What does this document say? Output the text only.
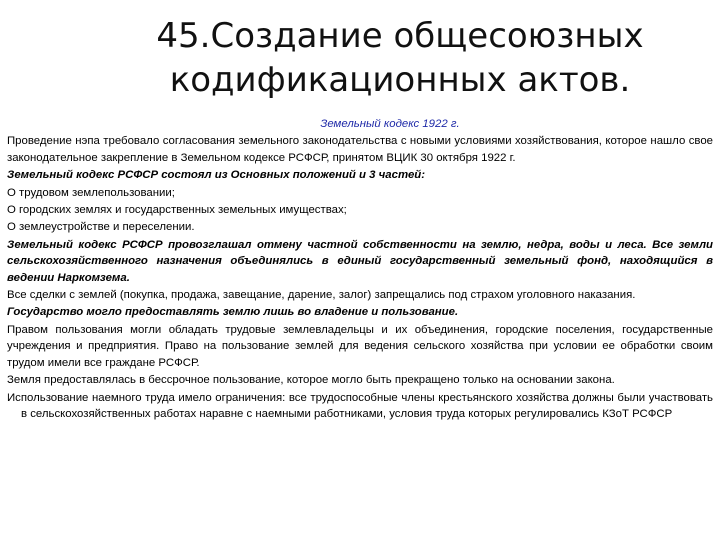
45.Создание общесоюзных
кодификационных актов.
Земельный кодекс 1922 г.

Проведение нэпа требовало согласования земельного законодательства с новыми условиями хозяйствования, которое нашло свое законодательное закрепление в Земельном кодексе РСФСР, принятом ВЦИК 30 октября 1922 г.

Земельный кодекс РСФСР состоял из Основных положений и 3 частей:

О трудовом землепользовании;

О городских землях и государственных земельных имуществах;

О землеустройстве и переселении.

Земельный кодекс РСФСР провозглашал отмену частной собственности на землю, недра, воды и леса. Все земли сельскохозяйственного назначения объединялись в единый государственный земельный фонд, находящийся в ведении Наркомзема.

Все сделки с землей (покупка, продажа, завещание, дарение, залог) запрещались под страхом уголовного наказания.

Государство могло предоставлять землю лишь во владение и пользование.

Правом пользования могли обладать трудовые землевладельцы и их объединения, городские поселения, государственные учреждения и предприятия. Право на пользование землей для ведения сельского хозяйства при условии ее обработки своим трудом имели все граждане РСФСР.

Земля предоставлялась в бессрочное пользование, которое могло быть прекращено только на основании закона.

Использование наемного труда имело ограничения: все трудоспособные члены крестьянского хозяйства должны были участвовать в сельскохозяйственных работах наравне с наемными работниками, условия труда которых регулировались КЗоТ РСФСР
